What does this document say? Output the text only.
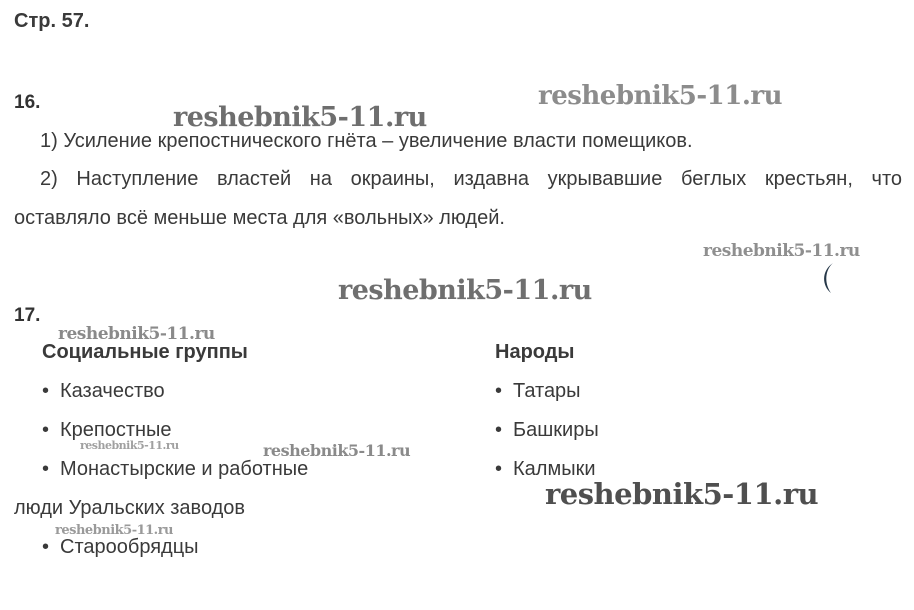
reshebnik5-11.ru
reshebnik5-11.ru
reshebnik5-11.ru
reshebnik5-11.ru
reshebnik5-11.ru
reshebnik5-11.ru	reshebnik5-11.ru
reshebnik5-11.ru
reshebnik5-11.ru
Стр. 57.
16.
1) Усиление крепостнического гнёта – увеличение власти помещиков.
2) Наступление властей на окраины, издавна укрывавшие беглых крестьян, что
оставляло всё меньше места для «вольных» людей.
17.
Социальные группы	Народы
• Казачество
• Крепостные
• Монастырские и работные
люди Уральских заводов
• Старообрядцы
• Татары
• Башкиры
• Калмыки
